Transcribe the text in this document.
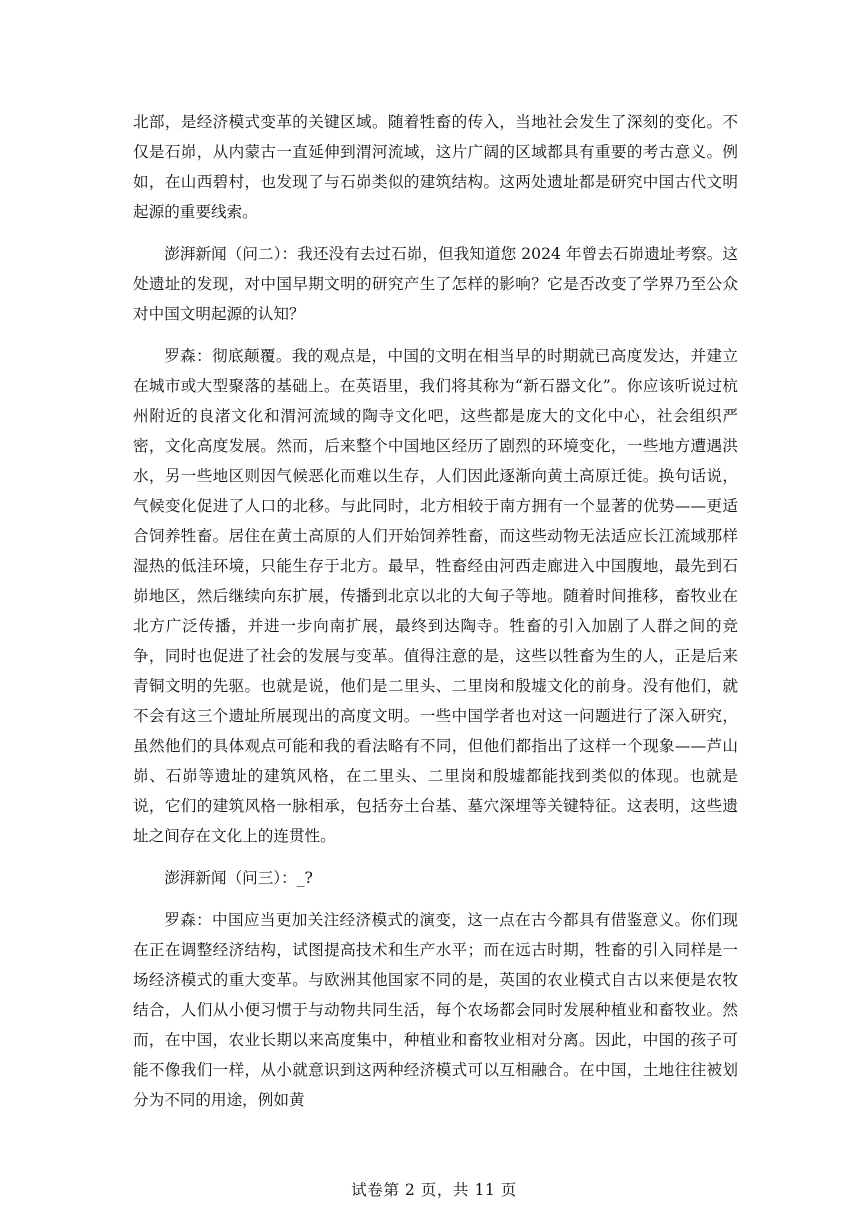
北部，是经济模式变革的关键区域。随着牲畜的传入，当地社会发生了深刻的变化。不仅是石峁，从内蒙古一直延伸到渭河流域，这片广阔的区域都具有重要的考古意义。例如，在山西碧村，也发现了与石峁类似的建筑结构。这两处遗址都是研究中国古代文明起源的重要线索。

澎湃新闻（问二）：我还没有去过石峁，但我知道您 2024 年曾去石峁遗址考察。这处遗址的发现，对中国早期文明的研究产生了怎样的影响？它是否改变了学界乃至公众对中国文明起源的认知？

罗森：彻底颠覆。我的观点是，中国的文明在相当早的时期就已高度发达，并建立在城市或大型聚落的基础上。在英语里，我们将其称为“新石器文化”。你应该听说过杭州附近的良渚文化和渭河流域的陶寺文化吧，这些都是庞大的文化中心，社会组织严密，文化高度发展。然而，后来整个中国地区经历了剧烈的环境变化，一些地方遭遇洪水，另一些地区则因气候恶化而难以生存，人们因此逐渐向黄土高原迁徙。换句话说，气候变化促进了人口的北移。与此同时，北方相较于南方拥有一个显著的优势——更适合饲养牲畜。居住在黄土高原的人们开始饲养牲畜，而这些动物无法适应长江流域那样湿热的低洼环境，只能生存于北方。最早，牲畜经由河西走廊进入中国腹地，最先到石峁地区，然后继续向东扩展，传播到北京以北的大甸子等地。随着时间推移，畜牧业在北方广泛传播，并进一步向南扩展，最终到达陶寺。牲畜的引入加剧了人群之间的竞争，同时也促进了社会的发展与变革。值得注意的是，这些以牲畜为生的人，正是后来青铜文明的先驱。也就是说，他们是二里头、二里岗和殷墟文化的前身。没有他们，就不会有这三个遗址所展现出的高度文明。一些中国学者也对这一问题进行了深入研究，虽然他们的具体观点可能和我的看法略有不同，但他们都指出了这样一个现象——芦山峁、石峁等遗址的建筑风格，在二里头、二里岗和殷墟都能找到类似的体现。也就是说，它们的建筑风格一脉相承，包括夯土台基、墓穴深埋等关键特征。这表明，这些遗址之间存在文化上的连贯性。

澎湃新闻（问三）：_?

罗森：中国应当更加关注经济模式的演变，这一点在古今都具有借鉴意义。你们现在正在调整经济结构，试图提高技术和生产水平；而在远古时期，牲畜的引入同样是一场经济模式的重大变革。与欧洲其他国家不同的是，英国的农业模式自古以来便是农牧结合，人们从小便习惯于与动物共同生活，每个农场都会同时发展种植业和畜牧业。然而，在中国，农业长期以来高度集中，种植业和畜牧业相对分离。因此，中国的孩子可能不像我们一样，从小就意识到这两种经济模式可以互相融合。在中国，土地往往被划分为不同的用途，例如黄

试卷第 2 页，共 11 页
